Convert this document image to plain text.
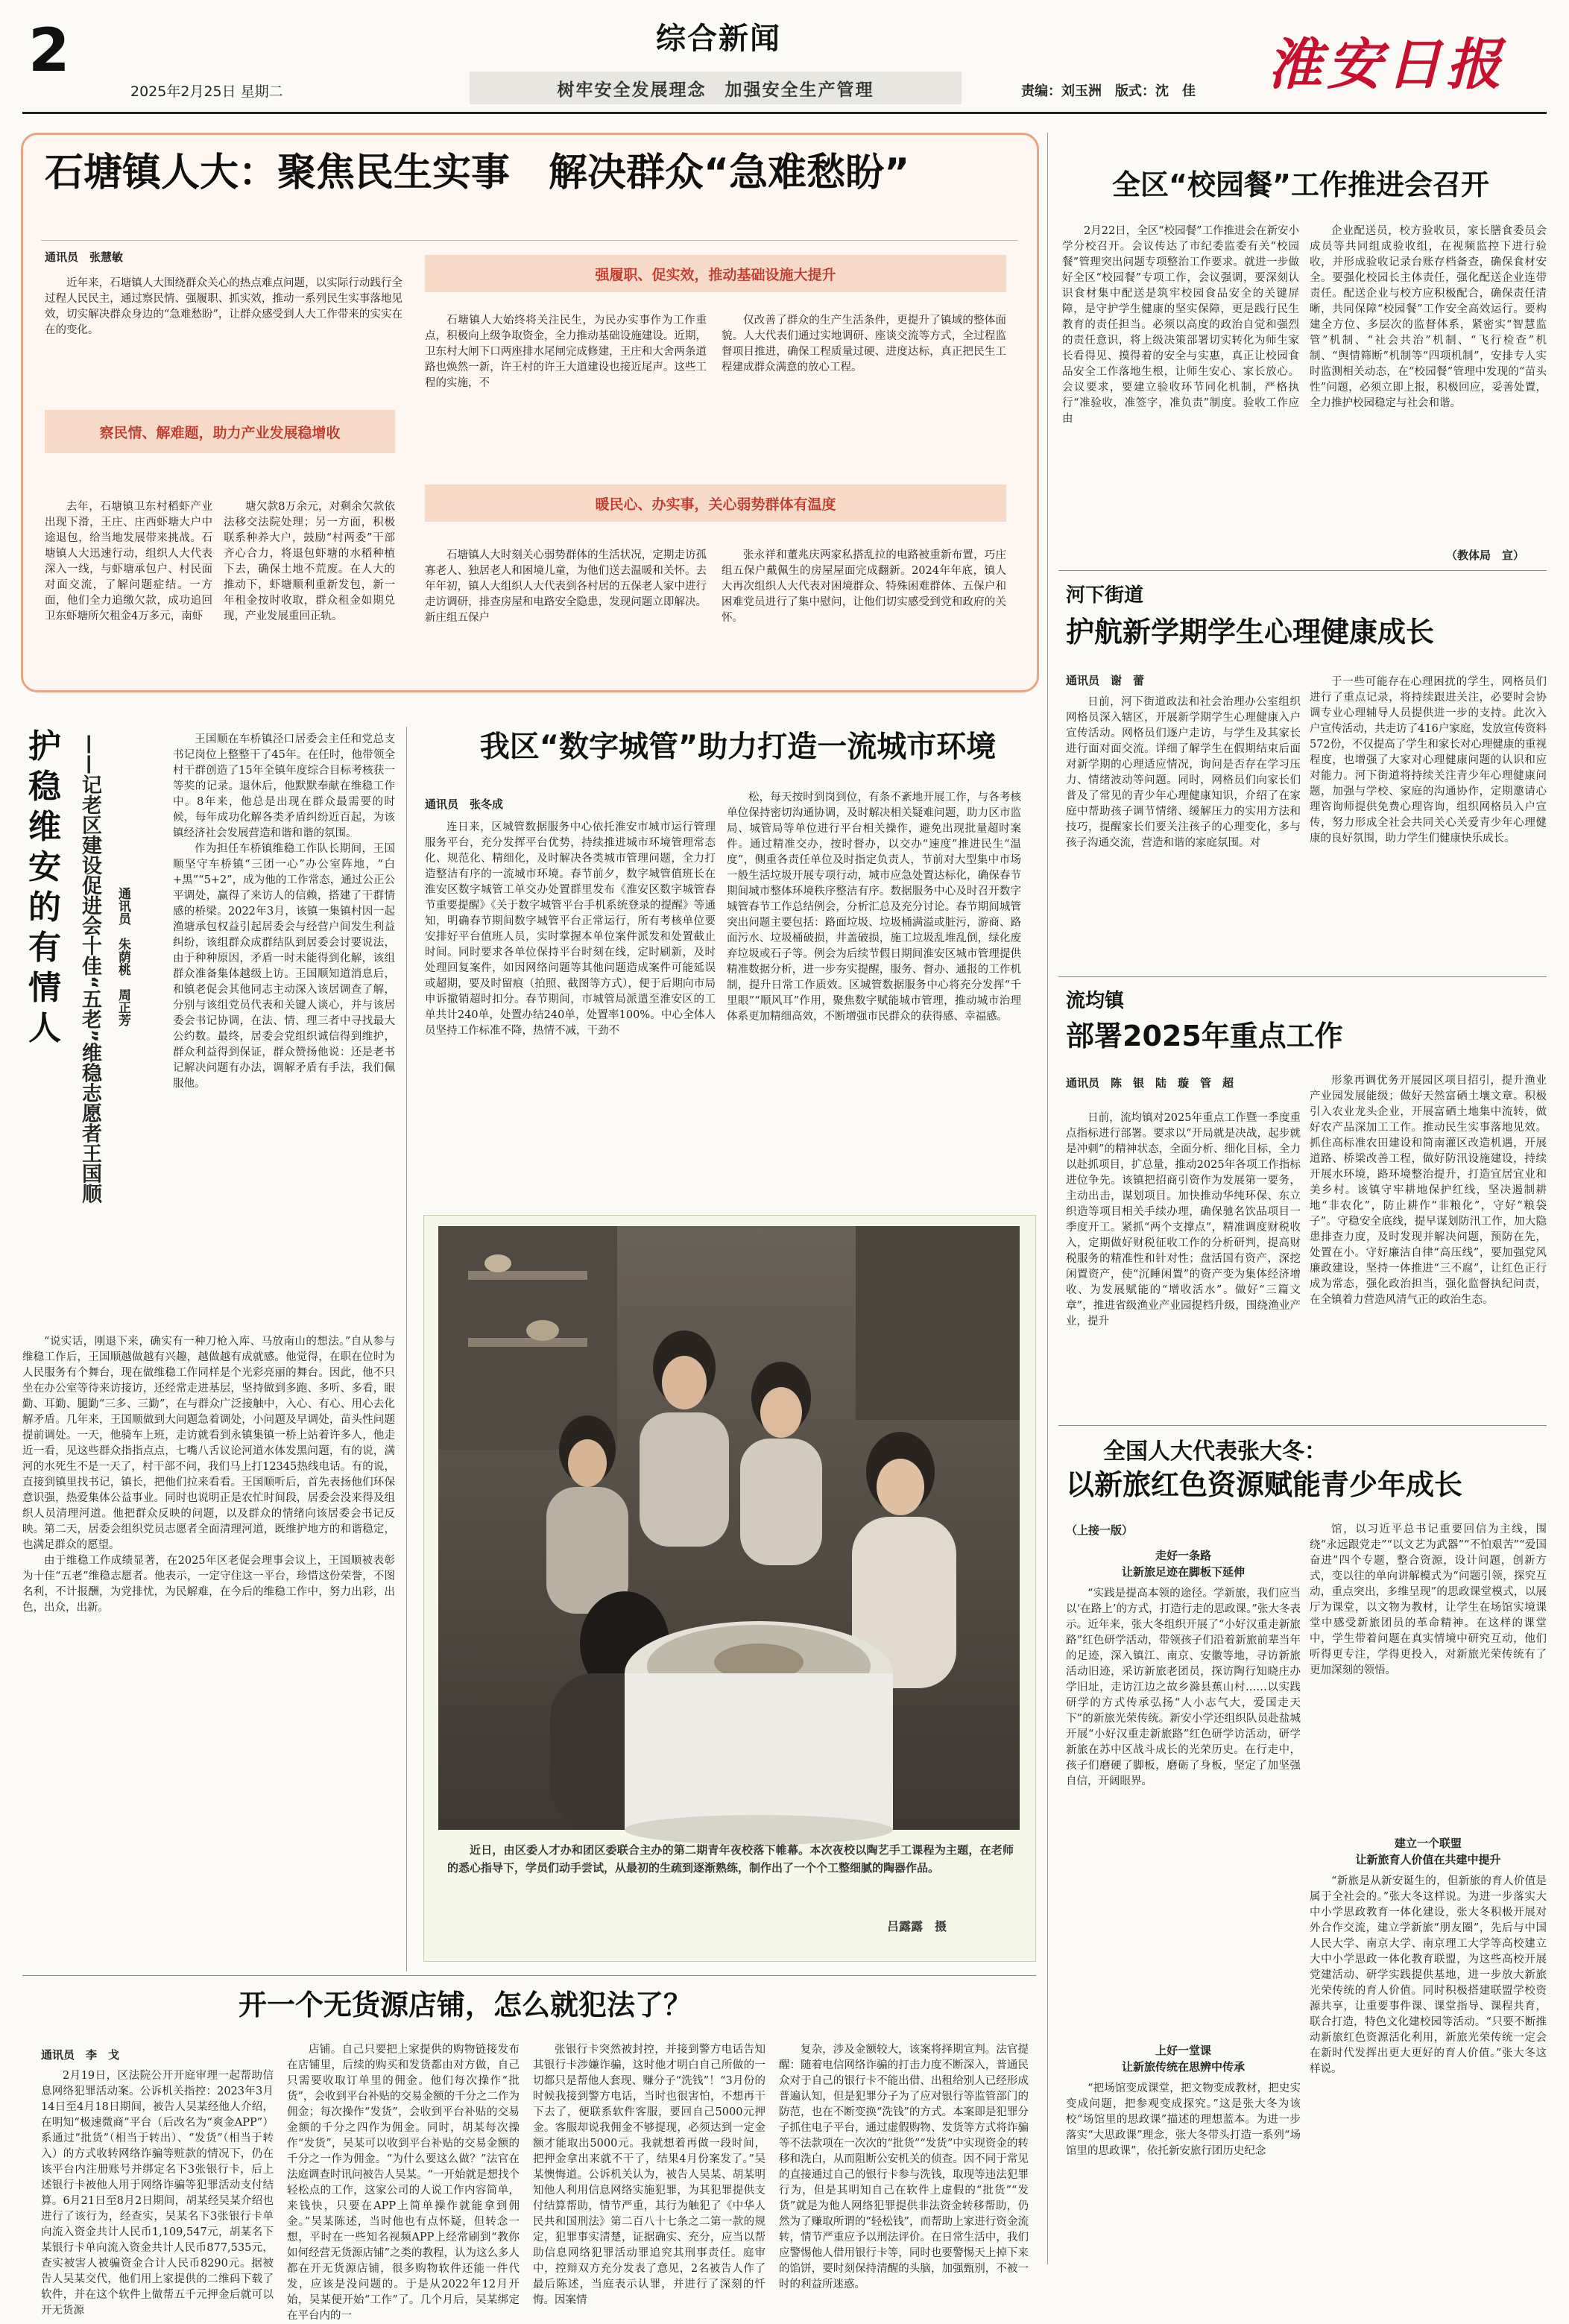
2	综合新闻
2025年2月25日 星期二	树牢安全发展理念　加强安全生产管理	责编：刘玉洲　版式：沈　佳 淮安日报
石塘镇人大：聚焦民生实事　解决群众“急难愁盼”
通讯员　张慧敏
近年来，石塘镇人大围绕群众关心的热点难点问题，以实际行动践行全过程人民民主，通过察民情、强履职、抓实效，推动一系列民生实事落地见效，切实解决群众身边的“急难愁盼”，让群众感受到人大工作带来的实实在在的变化。
察民情、解难题，助力产业发展稳增收
去年，石塘镇卫东村稻虾产业出现下滑，王庄、庄西虾塘大户中途退包，给当地发展带来挑战。石塘镇人大迅速行动，组织人大代表深入一线，与虾塘承包户、村民面对面交流，了解问题症结。一方面，他们全力追缴欠款，成功追回卫东虾塘所欠租金4万多元，南虾
塘欠款8万余元，对剩余欠款依法移交法院处理；另一方面，积极联系种养大户，鼓励“村两委”干部齐心合力，将退包虾塘的水稻种植下去，确保土地不荒废。在人大的推动下，虾塘顺利重新发包，新一年租金按时收取，群众租金如期兑现，产业发展重回正轨。
强履职、促实效，推动基础设施大提升
石塘镇人大始终将关注民生，为民办实事作为工作重点，积极向上级争取资金，全力推动基础设施建设。近期，卫东村大闸下口两座排水尾闸完成修建，王庄和大舍两条道路也焕然一新，许王村的许王大道建设也接近尾声。这些工程的实施，不
仅改善了群众的生产生活条件，更提升了镇域的整体面貌。人大代表们通过实地调研、座谈交流等方式，全过程监督项目推进，确保工程质量过硬、进度达标，真正把民生工程建成群众满意的放心工程。
暖民心、办实事，关心弱势群体有温度
石塘镇人大时刻关心弱势群体的生活状况，定期走访孤寡老人、独居老人和困境儿童，为他们送去温暖和关怀。去年年初，镇人大组织人大代表到各村居的五保老人家中进行走访调研，排查房屋和电路安全隐患，发现问题立即解决。新庄组五保户
张永祥和董兆庆两家私搭乱拉的电路被重新布置，巧庄组五保户戴佩生的房屋屋面完成翻新。2024年年底，镇人大再次组织人大代表对困境群众、特殊困难群体、五保户和困难党员进行了集中慰问，让他们切实感受到党和政府的关怀。
护
稳
维
安
的
有
情
人 ——记老区建设促进会十佳“五老”维稳志愿者王国顺 通讯员　朱荫桃　周正芳

王国顺在车桥镇泾口居委会主任和党总支书记岗位上整整干了45年。在任时，他带领全村干群创造了15年全镇年度综合目标考核获一等奖的记录。退休后，他默默奉献在维稳工作中。8年来，他总是出现在群众最需要的时候，每年成功化解各类矛盾纠纷近百起，为该镇经济社会发展营造和谐和谐的氛围。

作为担任车桥镇维稳工作队长期间，王国顺坚守车桥镇“三团一心”办公室阵地，“白+黑”“5+2”，成为他的工作常态，通过公正公平调处，赢得了来访人的信赖，搭建了干群情感的桥梁。2022年3月，该镇一集镇村因一起渔塘承包权益引起居委会与经营户间发生利益纠纷，该组群众成群结队到居委会讨要说法，由于种种原因，矛盾一时未能得到化解，该组群众准备集体越级上访。王国顺知道消息后，和镇老促会其他同志主动深入该居调查了解，分别与该组党员代表和关键人谈心，并与该居委会书记协调，在法、情、理三者中寻找最大公约数。最终，居委会党组织诚信得到维护，群众利益得到保证，群众赞扬他说：还是老书记解决问题有办法，调解矛盾有手法，我们佩服他。

“说实话，刚退下来，确实有一种刀枪入库、马放南山的想法。”自从参与维稳工作后，王国顺越做越有兴趣，越做越有成就感。他觉得，在职在位时为人民服务有个舞台，现在做维稳工作同样是个光彩亮丽的舞台。因此，他不只坐在办公室等待来访接访，还经常走进基层，坚持做到多跑、多听、多看，眼勤、耳勤、腿勤“三多、三勤”，在与群众广泛接触中，入心、有心、用心去化解矛盾。几年来，王国顺做到大问题急着调处，小问题及早调处，苗头性问题提前调处。一天，他骑车上班，走访就看到永镇集镇一桥上站着许多人，他走近一看，见这些群众指指点点，七嘴八舌议论河道水体发黑问题，有的说，满河的水死生不是一天了，村干部不问，我们马上打12345热线电话。有的说，直接到镇里找书记，镇长，把他们拉来看看。王国顺听后，首先表扬他们环保意识强，热爱集体公益事业。同时也说明正是农忙时间段，居委会没来得及组织人员清理河道。他把群众反映的问题，以及群众的情绪向该居委会书记反映。第二天，居委会组织党员志愿者全面清理河道，既维护地方的和谐稳定，也满足群众的愿望。

由于维稳工作成绩显著，在2025年区老促会理事会议上，王国顺被表彰为十佳“五老”维稳志愿者。他表示，一定守住这一平台，珍惜这份荣誉，不图名利，不计报酬，为党排忧，为民解难，在今后的维稳工作中，努力出彩，出色，出众，出新。

我区“数字城管”助力打造一流城市环境
通讯员　张冬成
连日来，区城管数据服务中心依托淮安市城市运行管理服务平台，充分发挥平台优势，持续推进城市环境管理常态化、规范化、精细化，及时解决各类城市管理问题，全力打造整洁有序的一流城市环境。春节前夕，数字城管值班长在淮安区数字城管工单交办处置群里发布《淮安区数字城管春节重要提醒》《关于数字城管平台手机系统登录的提醒》等通知，明确春节期间数字城管平台正常运行，所有考核单位要安排好平台值班人员，实时掌握本单位案件派发和处置截止时间。同时要求各单位保持平台时刻在线，定时刷新，及时处理回复案件，如因网络问题等其他问题造成案件可能延误或超期，要及时留痕（拍照、截图等方式），便于后期向市局申诉撤销超时扣分。春节期间，市城管局派遣至淮安区的工单共计240单，处置办结240单，处置率100%。中心全体人员坚持工作标准不降，热情不减，干劲不
松，每天按时到岗到位，有条不紊地开展工作，与各考核单位保持密切沟通协调，及时解决相关疑难问题，助力区市监局、城管局等单位进行平台相关操作，避免出现批量超时案件。通过精准交办，按时督办，以交办“速度”推进民生“温度”，侧重各责任单位及时指定负责人，节前对大型集中市场一般生活垃圾开展专项行动，城市应急处置达标化，确保春节期间城市整体环境秩序整洁有序。数据服务中心及时召开数字城管春节工作总结例会，分析汇总及充分讨论。春节期间城管突出问题主要包括：路面垃圾、垃圾桶满溢或脏污，游商、路面污水、垃圾桶破损，井盖破损，施工垃圾乱堆乱倒，绿化废弃垃圾或石子等。例会为后续节假日期间淮安区城市管理提供精准数据分析，进一步夯实提醒，服务、督办、通报的工作机制，提升日常工作质效。区城管数据服务中心将充分发挥“千里眼”“顺风耳”作用，聚焦数字赋能城市管理，推动城市治理体系更加精细高效，不断增强市民群众的获得感、幸福感。
近日，由区委人才办和团区委联合主办的第二期青年夜校落下帷幕。本次夜校以陶艺手工课程为主题，在老师的悉心指导下，学员们动手尝试，从最初的生疏到逐渐熟练，制作出了一个个工整细腻的陶器作品。
吕露露　摄
开一个无货源店铺，怎么就犯法了？
通讯员　李　戈
2月19日，区法院公开开庭审理一起帮助信息网络犯罪活动案。公诉机关指控：2023年3月14日至4月18日期间，被告人吴某经他人介绍，在明知“极速微商”平台（后改名为“爽金APP”）系通过“批货”（相当于转出）、“发货”（相当于转入）的方式收转网络诈骗等赃款的情况下，仍在该平台内注册账号并绑定名下3张银行卡，后上述银行卡被他人用于网络诈骗等犯罪活动支付结算。6月21日至8月2日期间，胡某经吴某介绍也进行了该行为，经查实，吴某名下3张银行卡单向流入资金共计人民币1,109,547元，胡某名下某银行卡单向流入资金共计人民币877,535元，查实被害人被骗资金合计人民币8290元。据被告人吴某交代，他们用上家提供的二维码下载了软件，并在这个软件上做帮五千元押金后就可以开无货源
店铺。自己只要把上家提供的购物链接发布在店铺里，后续的购买和发货都由对方做，自己只需要收取订单里的佣金。他们每次操作“批货”，会收到平台补贴的交易金额的千分之二作为佣金；每次操作“发货”，会收到平台补贴的交易金额的千分之四作为佣金。同时，胡某每次操作“发货”，吴某可以收到平台补贴的交易金额的千分之一作为佣金。“为什么要这么做？”法官在法庭调查时讯问被告人吴某。“一开始就是想找个轻松点的工作，这家公司的人说工作内容简单，来钱快，只要在APP上简单操作就能拿到佣金。”吴某陈述，当时他也有点怀疑，但转念一想，平时在一些知名视频APP上经常刷到“教你如何经营无货源店铺”之类的教程，认为这么多人都在开无货源店铺，很多购物软件还能一件代发，应该是没问题的。于是从2022年12月开始，吴某便开始“工作”了。几个月后，吴某绑定在平台内的一
张银行卡突然被封控，并接到警方电话告知其银行卡涉嫌诈骗，这时他才明白自己所做的一切都只是帮他人套现、赚分子“洗钱”！“3月份的时候我接到警方电话，当时也很害怕，不想再干下去了，便联系软件客服，要回自己5000元押金。客服却说我佣金不够提现，必须达到一定金额才能取出5000元。我就想着再做一段时间，把押金拿出来就不干了，结果4月份案发了。”吴某懊悔道。公诉机关认为，被告人吴某、胡某明知他人利用信息网络实施犯罪，为其犯罪提供支付结算帮助，情节严重，其行为触犯了《中华人民共和国刑法》第二百八十七条之二第一款的规定，犯罪事实清楚，证据确实、充分，应当以帮助信息网络犯罪活动罪追究其刑事责任。庭审中，控辩双方充分发表了意见，2名被告人作了最后陈述，当庭表示认罪，并进行了深刻的忏悔。因案情
复杂，涉及金额较大，该案将择期宣判。法官提醒：随着电信网络诈骗的打击力度不断深入，普通民众对于自己的银行卡不能出借、出租给别人已经形成普遍认知，但是犯罪分子为了应对银行等监管部门的防范，也在不断变换“洗钱”的方式。本案即是犯罪分子抓住电子平台，通过虚假购物、发货等方式将诈骗等不法款项在一次次的“批货”“发货”中实现资金的转移和洗白，从而阻断公安机关的侦查。因不同于常见的直接通过自己的银行卡参与洗钱，取现等违法犯罪行为，但是其明知自己在软件上虚假的“批货”“发货”就是为他人网络犯罪提供非法资金转移帮助，仍然为了赚取所谓的“轻松钱”，而帮助上家进行资金流转，情节严重应予以刑法评价。在日常生活中，我们应警惕他人借用银行卡等，同时也要警惕天上掉下来的馅饼，要时刻保持清醒的头脑，加强甄别，不被一时的利益所迷惑。
全区“校园餐”工作推进会召开
2月22日，全区“校园餐”工作推进会在新安小学分校召开。会议传达了市纪委监委有关“校园餐”管理突出问题专项整治工作要求。就进一步做好全区“校园餐”专项工作，会议强调，要深刻认识食材集中配送是筑牢校园食品安全的关键屏障，是守护学生健康的坚实保障，更是践行民生教育的责任担当。必须以高度的政治自觉和强烈的责任意识，将上级决策部署切实转化为师生家长看得见、摸得着的安全与实惠，真正让校园食品安全工作落地生根，让师生安心、家长放心。会议要求，要建立验收环节同化机制，严格执行“准验收，准签字，准负责”制度。验收工作应由
企业配送员，校方验收员，家长膳食委员会成员等共同组成验收组，在视频监控下进行验收，并形成验收记录台账存档备查，确保食材安全。要强化校园长主体责任，强化配送企业连带责任。配送企业与校方应积极配合，确保责任清晰，共同保障“校园餐”工作安全高效运行。要构建全方位、多层次的监督体系，紧密实“智慧监管”机制、“社会共治”机制、“飞行检查”机制、“舆情筛断”机制等“四项机制”，安排专人实时监测相关动态，在“校园餐”管理中发现的“苗头性”问题，必须立即上报，积极回应，妥善处置，全力推护校园稳定与社会和谐。
（教体局　宣）
河下街道
护航新学期学生心理健康成长
通讯员　谢　蕾
日前，河下街道政法和社会治理办公室组织网格员深入辖区，开展新学期学生心理健康入户宣传活动。网格员们逐户走访，与学生及其家长进行面对面交流。详细了解学生在假期结束后面对新学期的心理适应情况，询问是否存在学习压力、情绪波动等问题。同时，网格员们向家长们普及了常见的青少年心理健康知识，介绍了在家庭中帮助孩子调节情绪、缓解压力的实用方法和技巧，提醒家长们要关注孩子的心理变化，多与孩子沟通交流，营造和谐的家庭氛围。对
于一些可能存在心理困扰的学生，网格员们进行了重点记录，将持续跟进关注，必要时会协调专业心理辅导人员提供进一步的支持。此次入户宣传活动，共走访了416户家庭，发放宣传资料572份，不仅提高了学生和家长对心理健康的重视程度，也增强了大家对心理健康问题的认识和应对能力。河下街道将持续关注青少年心理健康问题，加强与学校、家庭的沟通协作，定期邀请心理咨询师提供免费心理咨询，组织网格员入户宣传，努力形成全社会共同关心关爱青少年心理健康的良好氛围，助力学生们健康快乐成长。
流均镇
部署2025年重点工作
通讯员　陈　银　陆　璇　管　超
日前，流均镇对2025年重点工作暨一季度重点指标进行部署。要求以“开局就是决战，起步就是冲刺”的精神状态，全面分析、细化目标，全力以赴抓项目，扩总量，推动2025年各项工作指标进位争先。该镇把招商引资作为发展第一要务，主动出击，谋划项目。加快推动华纯环保、东立织造等项目相关手续办理，确保驰名饮品项目一季度开工。紧抓“两个支撑点”，精准调度财税收入，定期做好财税征收工作的分析研判，提高财税服务的精准性和针对性；盘活国有资产，深挖闲置资产，使“沉睡闲置”的资产变为集体经济增收、为发展赋能的“增收活水”。做好“三篇文章”，推进省级渔业产业园提档升级，围绕渔业产业，提升
形象再调优务开展园区项目招引，提升渔业产业园发展能级；做好天然富硒土壤文章。积极引入农业龙头企业，开展富硒土地集中流转，做好农产品深加工工作。推动民生实事落地见效。抓住高标准农田建设和简南灌区改造机遇，开展道路、桥梁改善工程，做好防汛设施建设，持续开展水环境，路环境整治提升，打造宜居宜业和美乡村。该镇守牢耕地保护红线，坚决遏制耕地“非农化”，防止耕作“非粮化”，守好“粮袋子”。守稳安全底线，提早谋划防汛工作，加大隐患排查力度，及时发现并解决问题，预防在先，处置在小。守好廉洁自律“高压线”，要加强党风廉政建设，坚持一体推进“三不腐”，让红色正行成为常态，强化政治担当，强化监督执纪问责，在全镇着力营造风清气正的政治生态。
全国人大代表张大冬：
以新旅红色资源赋能青少年成长
（上接一版）
走好一条路
让新旅足迹在脚板下延伸
“实践是提高本领的途径。学新旅，我们应当以‘在路上’的方式，打造行走的思政课。”张大冬表示。近年来，张大冬组织开展了“小好汉重走新旅路”红色研学活动，带领孩子们沿着新旅前辈当年的足迹，深入镇江、南京、安徽等地，寻访新旅活动旧迹，采访新旅老团员，探访陶行知晓庄办学旧址，走访江边之故乡滁县蕉山村……以实践研学的方式传承弘扬“人小志气大，爱国走天下”的新旅光荣传统。新安小学还组织队员赴盐城开展“小好汉重走新旅路”红色研学访活动，研学新旅在苏中区战斗成长的光荣历史。在行走中，孩子们磨硬了脚板，磨砺了身板，坚定了加坚强自信，开阔眼界。
上好一堂课
让新旅传统在思辨中传承
“把场馆变成课堂，把文物变成教材，把史实变成问题，把参观变成探究。”这是张大冬为该校“场馆里的思政课”描述的理想蓝本。为进一步落实“大思政课”理念，张大冬带头打造一系列“场馆里的思政课”，依托新安旅行团历史纪念
馆，以习近平总书记重要回信为主线，围绕“永远跟党走”“以文艺为武器”“不怕艰苦”“爱国奋进”四个专题，整合资源，设计问题，创新方式，变以往的单向讲解模式为“问题引领，探究互动，重点突出，多维呈现”的思政课堂模式，以展厅为课堂，以文物为教材，让学生在场馆实境课堂中感受新旅团员的革命精神。在这样的课堂中，学生带着问题在真实情境中研究互动，他们听得更专注，学得更投入，对新旅光荣传统有了更加深刻的领悟。
建立一个联盟
让新旅育人价值在共建中提升
“新旅是从新安诞生的，但新旅的育人价值是属于全社会的。”张大冬这样说。为进一步落实大中小学思政教育一体化建设，张大冬积极开展对外合作交流，建立学新旅“朋友圈”，先后与中国人民大学、南京大学、南京理工大学等高校建立大中小学思政一体化教育联盟，为这些高校开展党建活动、研学实践提供基地，进一步放大新旅光荣传统的育人价值。同时积极搭建联盟学校资源共享，让重要事件课、课堂指导、课程共育，联合打造，特色文化建校园等活动。“只要不断推动新旅红色资源活化利用，新旅光荣传统一定会在新时代发挥出更大更好的育人价值。”张大冬这样说。
